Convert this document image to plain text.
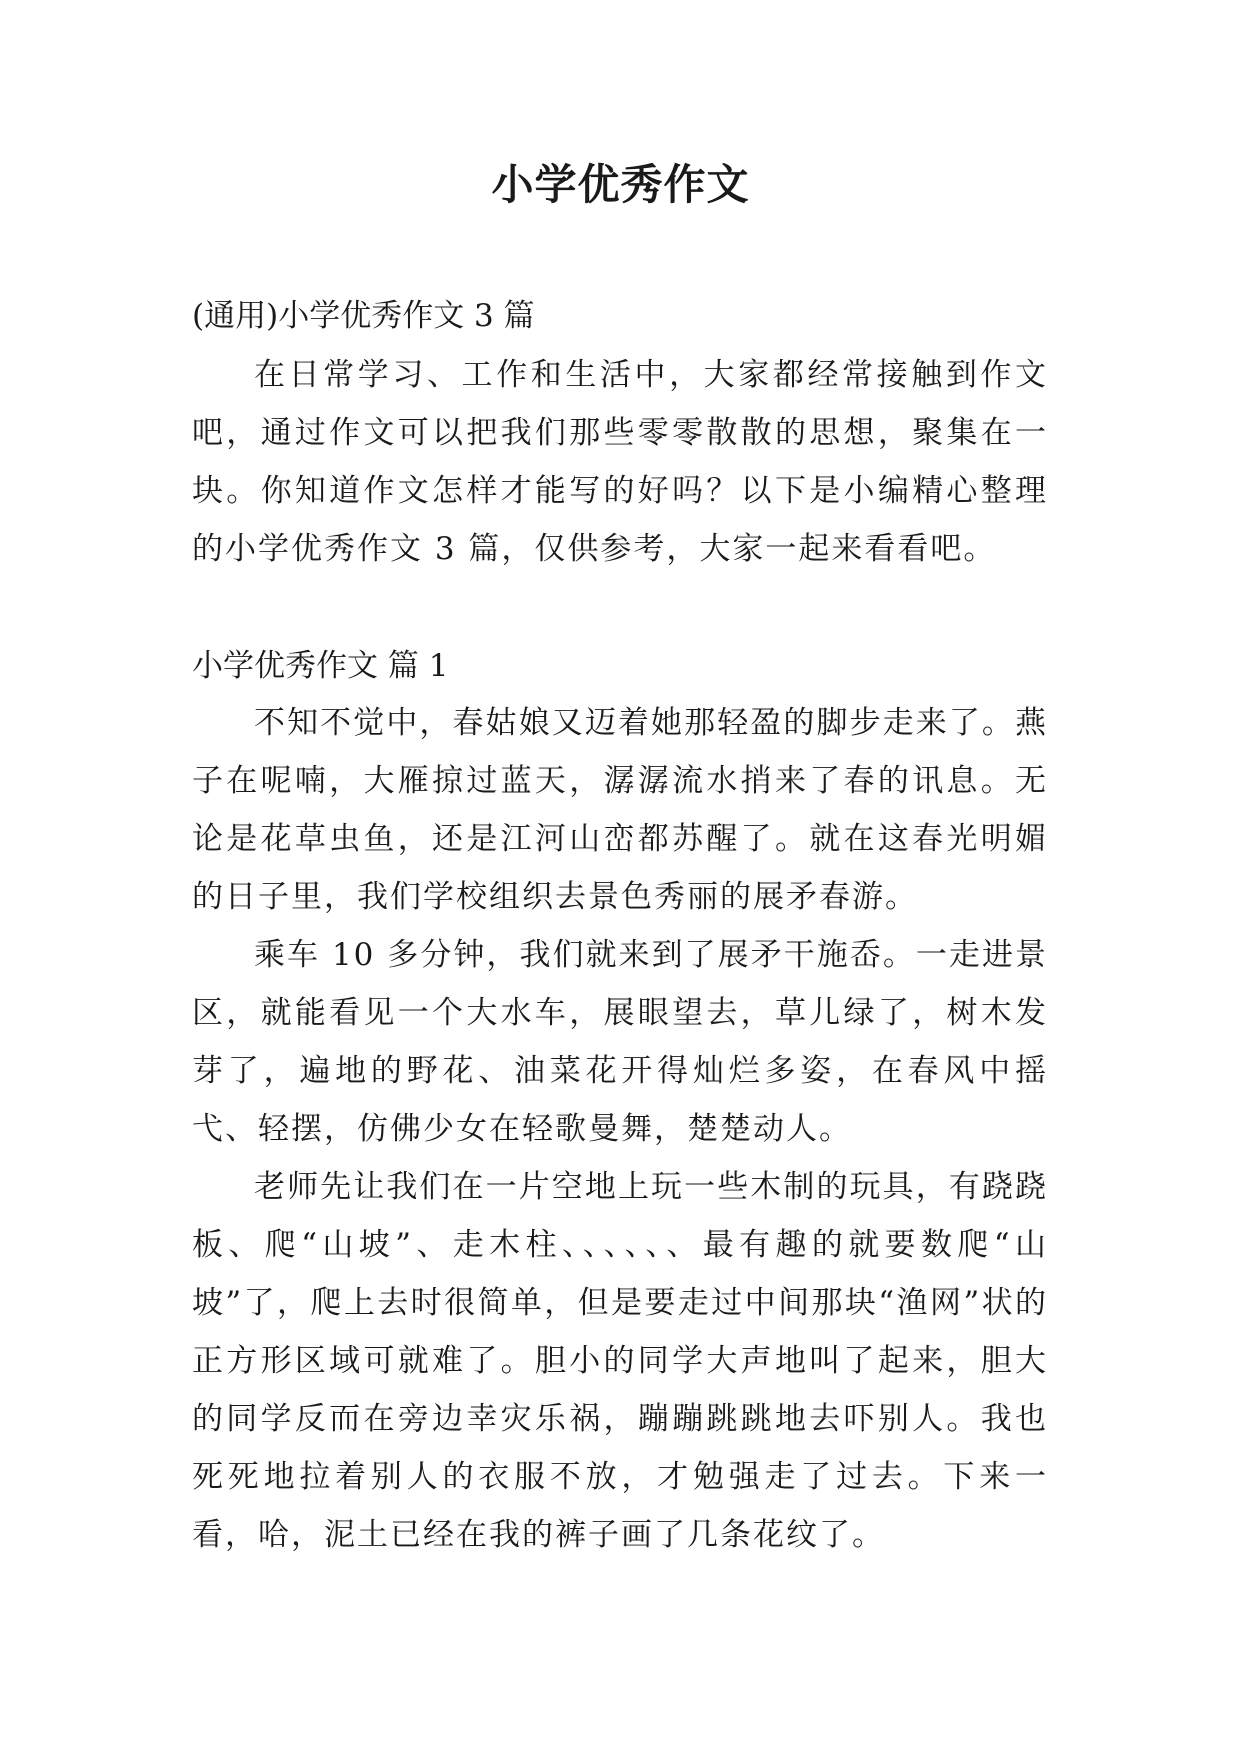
小学优秀作文

(通用)小学优秀作文 3 篇

在日常学习、工作和生活中，大家都经常接触到作文吧，通过作文可以把我们那些零零散散的思想，聚集在一块。你知道作文怎样才能写的好吗？以下是小编精心整理的小学优秀作文 3 篇，仅供参考，大家一起来看看吧。

小学优秀作文 篇 1

不知不觉中，春姑娘又迈着她那轻盈的脚步走来了。燕子在呢喃，大雁掠过蓝天，潺潺流水捎来了春的讯息。无论是花草虫鱼，还是江河山峦都苏醒了。就在这春光明媚的日子里，我们学校组织去景色秀丽的展矛春游。

乘车 10 多分钟，我们就来到了展矛干施岙。一走进景区，就能看见一个大水车，展眼望去，草儿绿了，树木发芽了，遍地的野花、油菜花开得灿烂多姿，在春风中摇弋、轻摆，仿佛少女在轻歌曼舞，楚楚动人。

老师先让我们在一片空地上玩一些木制的玩具，有跷跷板、爬“山坡”、走木柱、、、、、、最有趣的就要数爬“山坡”了，爬上去时很简单，但是要走过中间那块“渔网”状的正方形区域可就难了。胆小的同学大声地叫了起来，胆大的同学反而在旁边幸灾乐祸，蹦蹦跳跳地去吓别人。我也死死地拉着别人的衣服不放，才勉强走了过去。下来一看，哈，泥土已经在我的裤子画了几条花纹了。
